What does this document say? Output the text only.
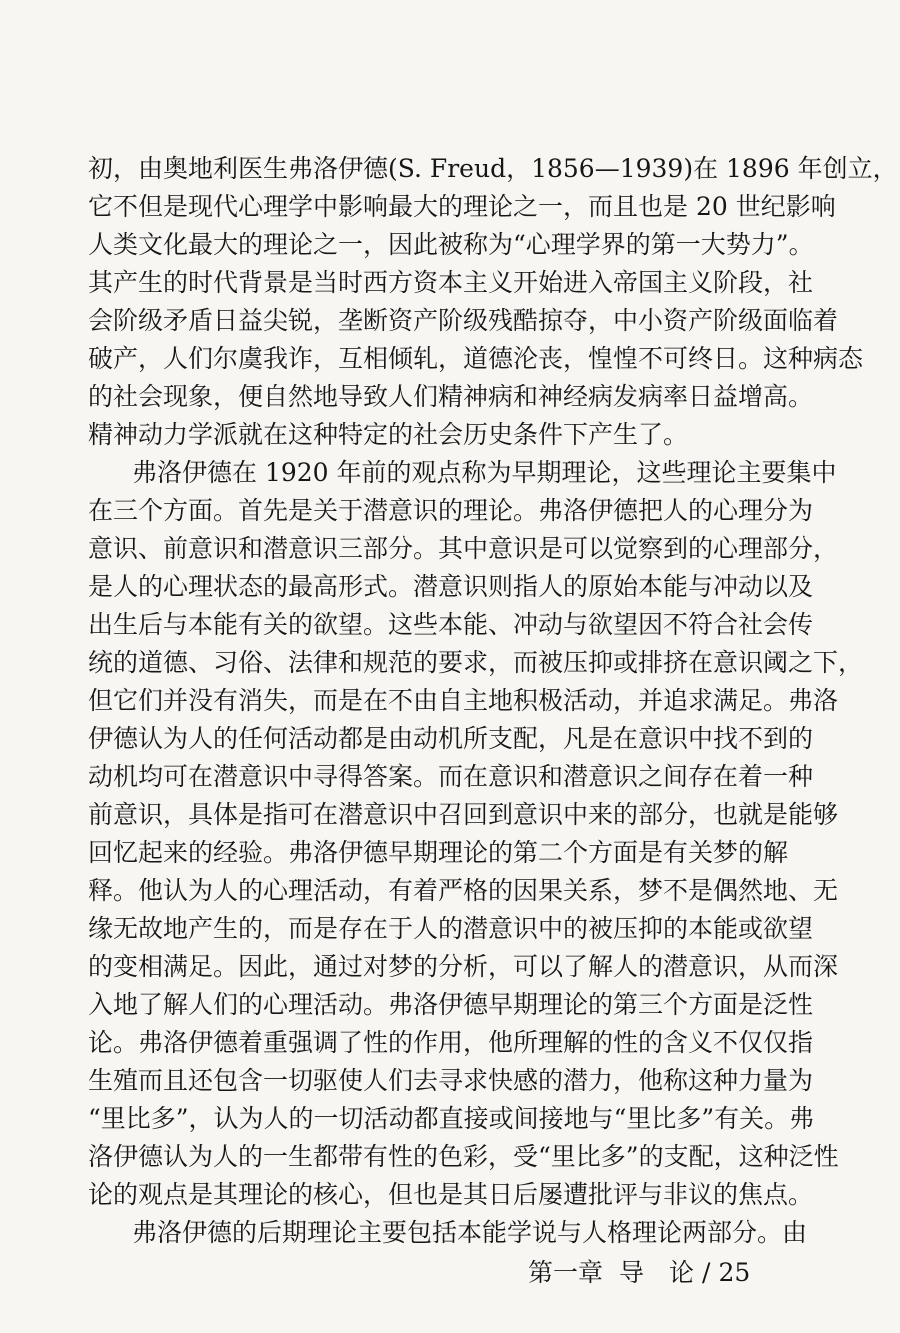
初，由奥地利医生弗洛伊德(S. Freud，1856—1939)在 1896 年创立，
它不但是现代心理学中影响最大的理论之一，而且也是 20 世纪影响
人类文化最大的理论之一，因此被称为“心理学界的第一大势力”。
其产生的时代背景是当时西方资本主义开始进入帝国主义阶段，社
会阶级矛盾日益尖锐，垄断资产阶级残酷掠夺，中小资产阶级面临着
破产，人们尔虞我诈，互相倾轧，道德沦丧，惶惶不可终日。这种病态
的社会现象，便自然地导致人们精神病和神经病发病率日益增高。
精神动力学派就在这种特定的社会历史条件下产生了。
弗洛伊德在 1920 年前的观点称为早期理论，这些理论主要集中
在三个方面。首先是关于潜意识的理论。弗洛伊德把人的心理分为
意识、前意识和潜意识三部分。其中意识是可以觉察到的心理部分，
是人的心理状态的最高形式。潜意识则指人的原始本能与冲动以及
出生后与本能有关的欲望。这些本能、冲动与欲望因不符合社会传
统的道德、习俗、法律和规范的要求，而被压抑或排挤在意识阈之下，
但它们并没有消失，而是在不由自主地积极活动，并追求满足。弗洛
伊德认为人的任何活动都是由动机所支配，凡是在意识中找不到的
动机均可在潜意识中寻得答案。而在意识和潜意识之间存在着一种
前意识，具体是指可在潜意识中召回到意识中来的部分，也就是能够
回忆起来的经验。弗洛伊德早期理论的第二个方面是有关梦的解
释。他认为人的心理活动，有着严格的因果关系，梦不是偶然地、无
缘无故地产生的，而是存在于人的潜意识中的被压抑的本能或欲望
的变相满足。因此，通过对梦的分析，可以了解人的潜意识，从而深
入地了解人们的心理活动。弗洛伊德早期理论的第三个方面是泛性
论。弗洛伊德着重强调了性的作用，他所理解的性的含义不仅仅指
生殖而且还包含一切驱使人们去寻求快感的潜力，他称这种力量为
“里比多”，认为人的一切活动都直接或间接地与“里比多”有关。弗
洛伊德认为人的一生都带有性的色彩，受“里比多”的支配，这种泛性
论的观点是其理论的核心，但也是其日后屡遭批评与非议的焦点。
弗洛伊德的后期理论主要包括本能学说与人格理论两部分。由
第一章 导　论 / 25
